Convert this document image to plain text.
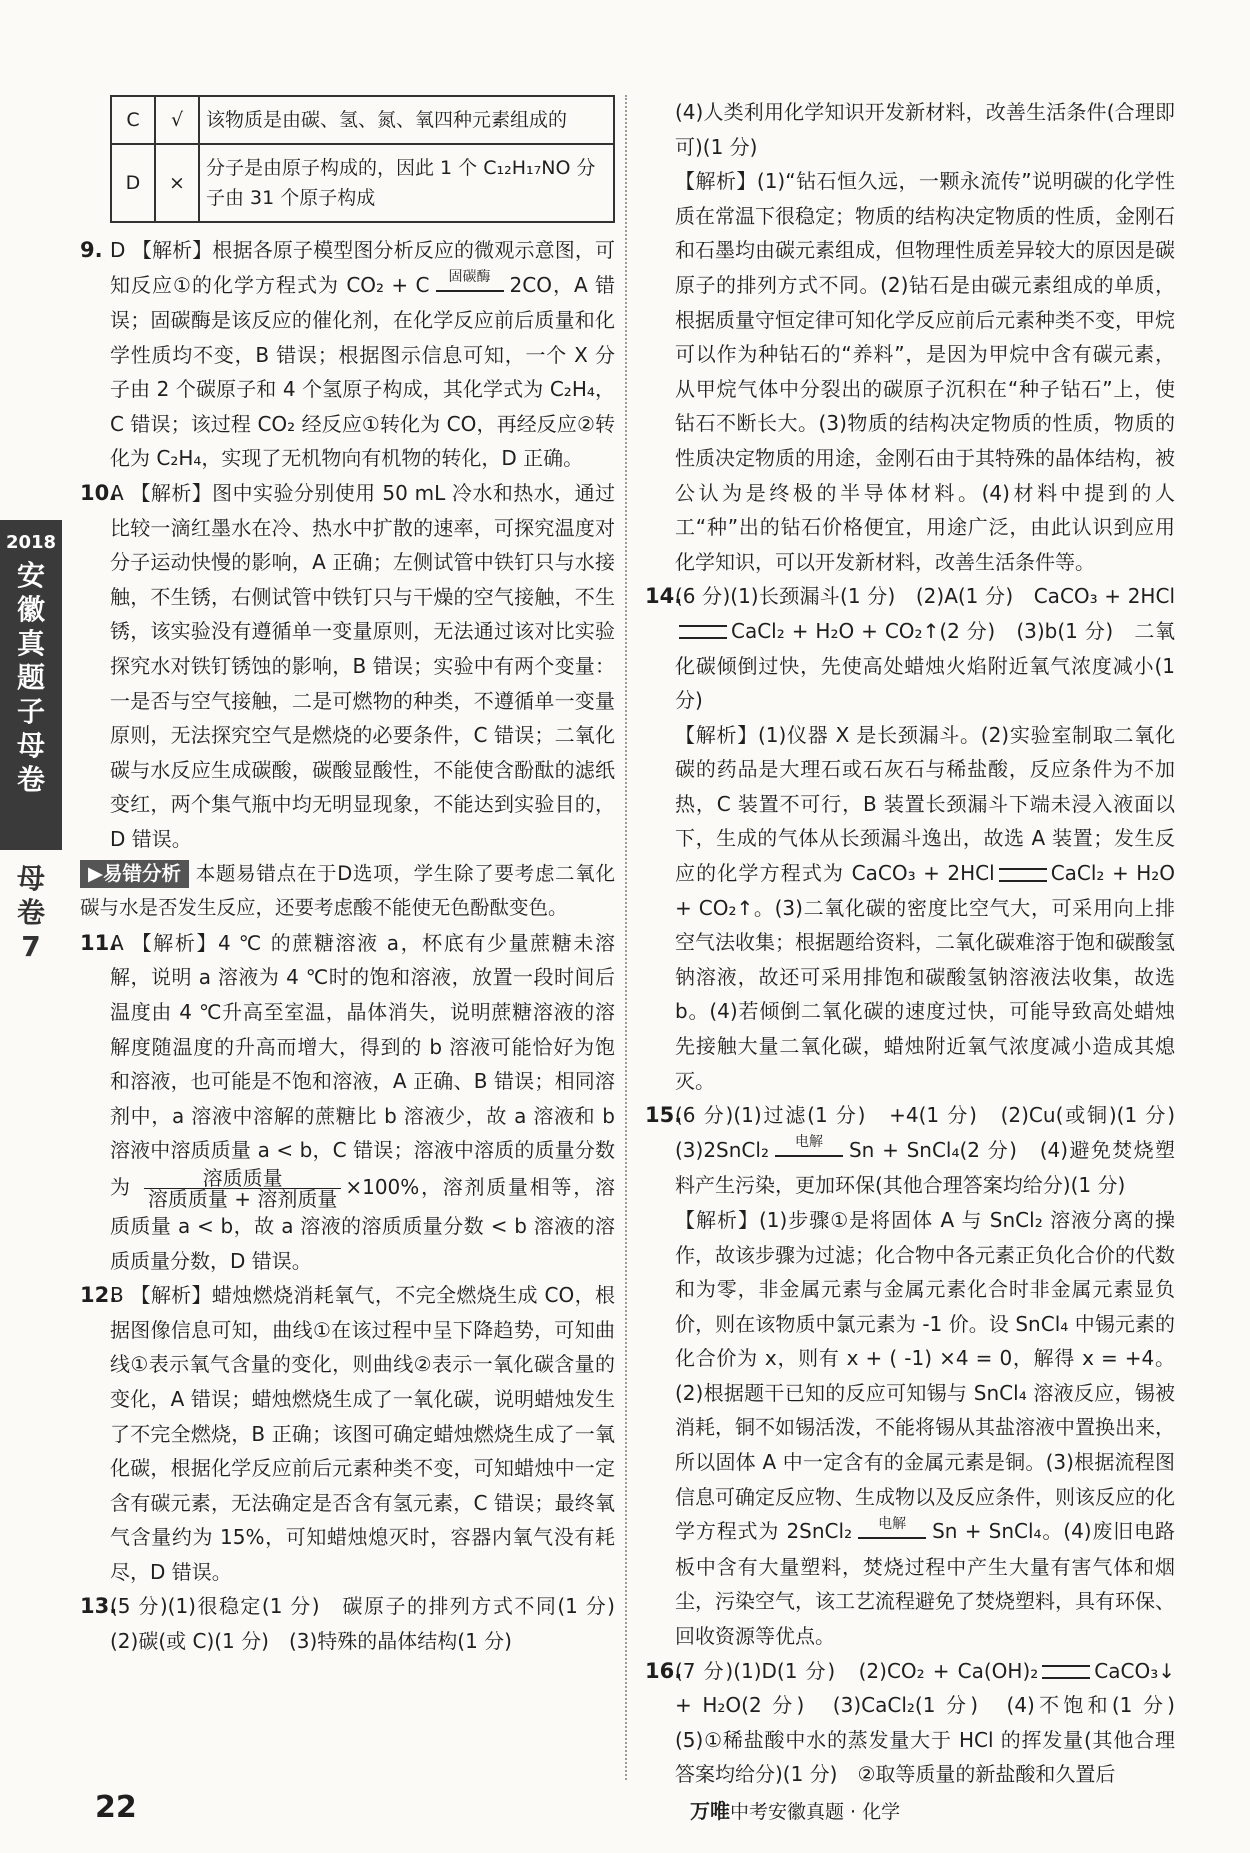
C	√	该物质是由碳、氢、氮、氧四种元素组成的
D	×	分子是由原子构成的，因此 1 个 C₁₂H₁₇NO 分子由 31 个原子构成

9. D 【解析】根据各原子模型图分析反应的微观示意图，可知反应①的化学方程式为 CO₂ + C	固碳酶 2CO，A 错误；固碳酶是该反应的催化剂，在化学反应前后质量和化学性质均不变，B 错误；根据图示信息可知，一个 X 分子由 2 个碳原子和 4 个氢原子构成，其化学式为 C₂H₄，C 错误；该过程 CO₂ 经反应①转化为 CO，再经反应②转化为 C₂H₄，实现了无机物向有机物的转化，D 正确。

10.
A 【解析】图中实验分别使用 50 mL 冷水和热水，通过比较一滴红墨水在冷、热水中扩散的速率，可探究温度对分子运动快慢的影响，A 正确；左侧试管中铁钉只与水接触，不生锈，右侧试管中铁钉只与干燥的空气接触，不生锈，该实验没有遵循单一变量原则，无法通过该对比实验探究水对铁钉锈蚀的影响，B 错误；实验中有两个变量：一是否与空气接触，二是可燃物的种类，不遵循单一变量原则，无法探究空气是燃烧的必要条件，C 错误；二氧化碳与水反应生成碳酸，碳酸显酸性，不能使含酚酞的滤纸变红，两个集气瓶中均无明显现象，不能达到实验目的，D 错误。

▶易错分析 本题易错点在于D选项，学生除了要考虑二氧化碳与水是否发生反应，还要考虑酸不能使无色酚酞变色。

11.
A 【解析】4 ℃ 的蔗糖溶液 a，杯底有少量蔗糖未溶解，说明 a 溶液为 4 ℃时的饱和溶液，放置一段时间后温度由 4 ℃升高至室温，晶体消失，说明蔗糖溶液的溶解度随温度的升高而增大，得到的 b 溶液可能恰好为饱和溶液，也可能是不饱和溶液，A 正确、B 错误；相同溶剂中，a 溶液中溶解的蔗糖比 b 溶液少，故 a 溶液和 b 溶液中溶质质量 a < b，C 错误；溶液中溶质的质量分数为	溶质质量
溶质质量 + 溶剂质量 ×100%，溶剂质量相等，溶质质量 a < b，故 a 溶液的溶质质量分数 < b 溶液的溶质质量分数，D 错误。

12.
B 【解析】蜡烛燃烧消耗氧气，不完全燃烧生成 CO，根据图像信息可知，曲线①在该过程中呈下降趋势，可知曲线①表示氧气含量的变化，则曲线②表示一氧化碳含量的变化，A 错误；蜡烛燃烧生成了一氧化碳，说明蜡烛发生了不完全燃烧，B 正确；该图可确定蜡烛燃烧生成了一氧化碳，根据化学反应前后元素种类不变，可知蜡烛中一定含有碳元素，无法确定是否含有氢元素，C 错误；最终氧气含量约为 15%，可知蜡烛熄灭时，容器内氧气没有耗尽，D 错误。

13.
(5 分)(1)很稳定(1 分)　碳原子的排列方式不同(1 分)　(2)碳(或 C)(1 分)　(3)特殊的晶体结构(1 分)

(4)人类利用化学知识开发新材料，改善生活条件(合理即可)(1 分)

【解析】(1)“钻石恒久远，一颗永流传”说明碳的化学性质在常温下很稳定；物质的结构决定物质的性质，金刚石和石墨均由碳元素组成，但物理性质差异较大的原因是碳原子的排列方式不同。(2)钻石是由碳元素组成的单质，根据质量守恒定律可知化学反应前后元素种类不变，甲烷可以作为种钻石的“养料”，是因为甲烷中含有碳元素，从甲烷气体中分裂出的碳原子沉积在“种子钻石”上，使钻石不断长大。(3)物质的结构决定物质的性质，物质的性质决定物质的用途，金刚石由于其特殊的晶体结构，被公认为是终极的半导体材料。(4)材料中提到的人工“种”出的钻石价格便宜，用途广泛，由此认识到应用化学知识，可以开发新材料，改善生活条件等。

14.
(6 分)(1)长颈漏斗(1 分)　(2)A(1 分)　CaCO₃ + 2HClCaCl₂ + H₂O + CO₂↑(2 分)　(3)b(1 分)　二氧化碳倾倒过快，先使高处蜡烛火焰附近氧气浓度减小(1 分)

【解析】(1)仪器 X 是长颈漏斗。(2)实验室制取二氧化碳的药品是大理石或石灰石与稀盐酸，反应条件为不加热，C 装置不可行，B 装置长颈漏斗下端未浸入液面以下，生成的气体从长颈漏斗逸出，故选 A 装置；发生反应的化学方程式为 CaCO₃ + 2HCl	CaCl₂ + H₂O + CO₂↑。(3)二氧化碳的密度比空气大，可采用向上排空气法收集；根据题给资料，二氧化碳难溶于饱和碳酸氢钠溶液，故还可采用排饱和碳酸氢钠溶液法收集，故选 b。(4)若倾倒二氧化碳的速度过快，可能导致高处蜡烛先接触大量二氧化碳，蜡烛附近氧气浓度减小造成其熄灭。

15.
(6 分)(1)过滤(1 分)　+4(1 分)　(2)Cu(或铜)(1 分)　(3)2SnCl₂	电解	Sn + SnCl₄(2 分)　(4)避免焚烧塑料产生污染，更加环保(其他合理答案均给分)(1 分)

【解析】(1)步骤①是将固体 A 与 SnCl₂ 溶液分离的操作，故该步骤为过滤；化合物中各元素正负化合价的代数和为零，非金属元素与金属元素化合时非金属元素显负价，则在该物质中氯元素为 -1 价。设 SnCl₄ 中锡元素的化合价为 x，则有 x + ( -1) ×4 = 0，解得 x = +4。(2)根据题干已知的反应可知锡与 SnCl₄ 溶液反应，锡被消耗，铜不如锡活泼，不能将锡从其盐溶液中置换出来，所以固体 A 中一定含有的金属元素是铜。(3)根据流程图信息可确定反应物、生成物以及反应条件，则该反应的化学方程式为 2SnCl₂	电解	Sn + SnCl₄。(4)废旧电路板中含有大量塑料，焚烧过程中产生大量有害气体和烟尘，污染空气，该工艺流程避免了焚烧塑料，具有环保、回收资源等优点。

16.
(7 分)(1)D(1 分)　(2)CO₂ + Ca(OH)₂	CaCO₃↓ + H₂O(2 分)　(3)CaCl₂(1 分)　(4)不饱和(1 分)　(5)①稀盐酸中水的蒸发量大于 HCl 的挥发量(其他合理答案均给分)(1 分)　②取等质量的新盐酸和久置后

2018
安徽真题子母卷
母卷7
22	万唯中考安徽真题 · 化学
